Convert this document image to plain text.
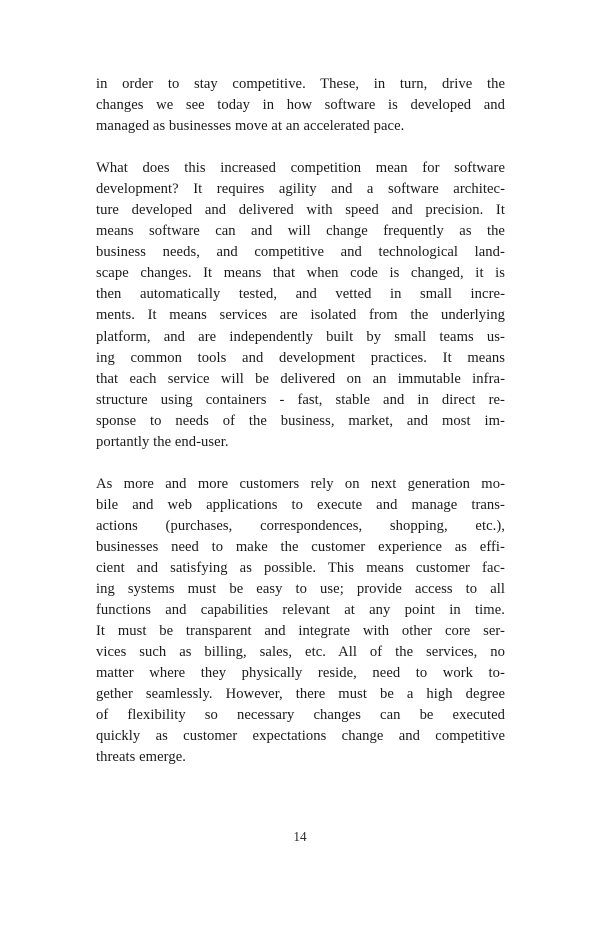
in order to stay competitive. These, in turn, drive the
changes we see today in how software is developed and
managed as businesses move at an accelerated pace.

What does this increased competition mean for software
development? It requires agility and a software architec-
ture developed and delivered with speed and precision. It
means software can and will change frequently as the
business needs, and competitive and technological land-
scape changes. It means that when code is changed, it is
then automatically tested, and vetted in small incre-
ments. It means services are isolated from the underlying
platform, and are independently built by small teams us-
ing common tools and development practices. It means
that each service will be delivered on an immutable infra-
structure using containers - fast, stable and in direct re-
sponse to needs of the business, market, and most im-
portantly the end-user.

As more and more customers rely on next generation mo-
bile and web applications to execute and manage trans-
actions (purchases, correspondences, shopping, etc.),
businesses need to make the customer experience as effi-
cient and satisfying as possible. This means customer fac-
ing systems must be easy to use; provide access to all
functions and capabilities relevant at any point in time.
It must be transparent and integrate with other core ser-
vices such as billing, sales, etc. All of the services, no
matter where they physically reside, need to work to-
gether seamlessly. However, there must be a high degree
of flexibility so necessary changes can be executed
quickly as customer expectations change and competitive
threats emerge.

14
